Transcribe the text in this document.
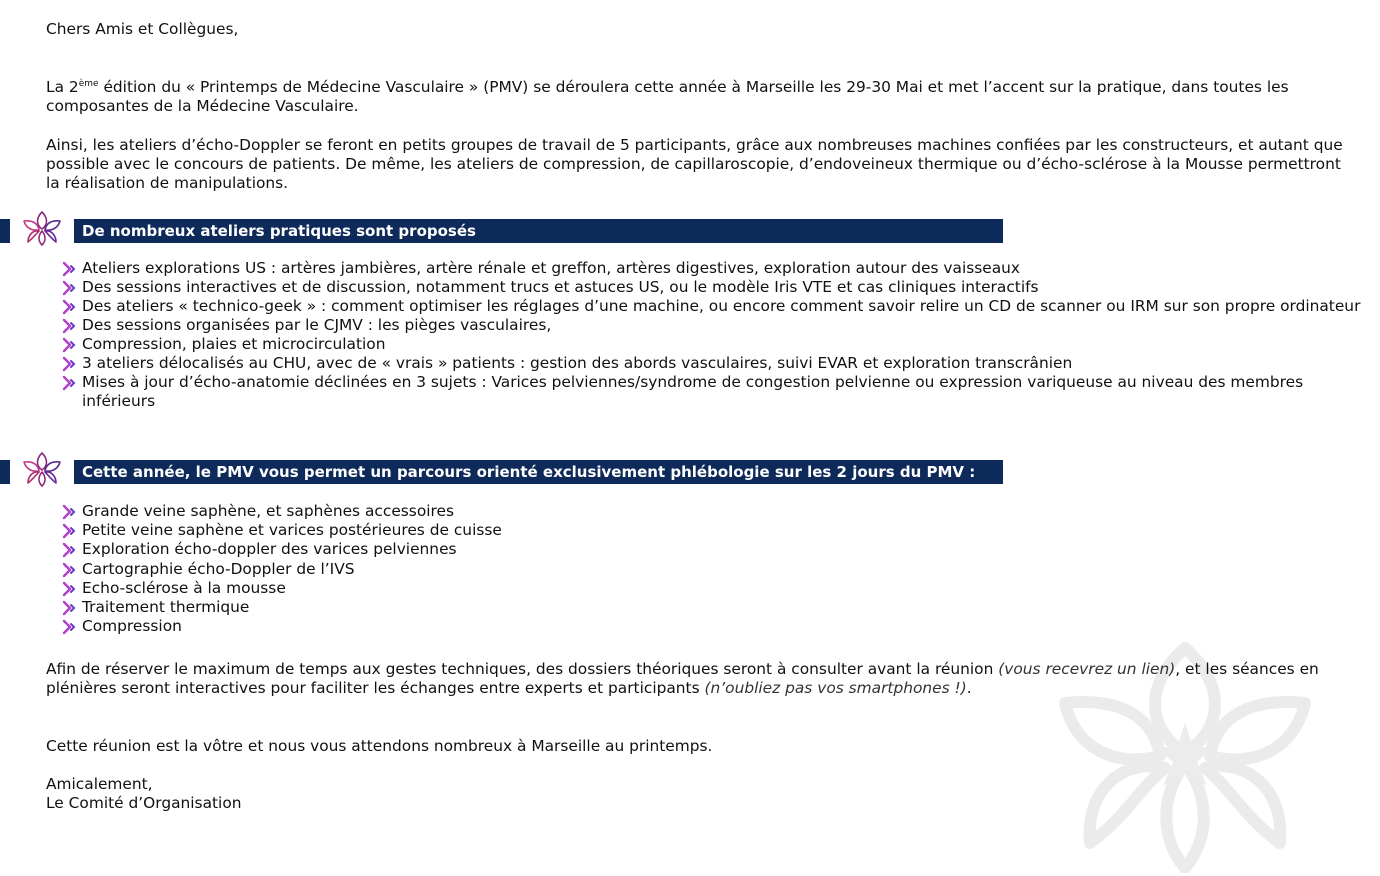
Chers Amis et Collègues,

La 2ème édition du « Printemps de Médecine Vasculaire » (PMV) se déroulera cette année à Marseille les 29-30 Mai et met l’accent sur la pratique, dans toutes les composantes de la Médecine Vasculaire.

Ainsi, les ateliers d’écho-Doppler se feront en petits groupes de travail de 5 participants, grâce aux nombreuses machines confiées par les constructeurs, et autant que possible avec le concours de patients. De même, les ateliers de compression, de capillaroscopie, d’endoveineux thermique ou d’écho-sclérose à la Mousse permettront la réalisation de manipulations.

De nombreux ateliers pratiques sont proposés
Ateliers explorations US : artères jambières, artère rénale et greffon, artères digestives, exploration autour des vaisseaux
Des sessions interactives et de discussion, notamment trucs et astuces US, ou le modèle Iris VTE et cas cliniques interactifs
Des ateliers « technico-geek » : comment optimiser les réglages d’une machine, ou encore comment savoir relire un CD de scanner ou IRM sur son propre ordinateur
Des sessions organisées par le CJMV : les pièges vasculaires,
Compression, plaies et microcirculation
3 ateliers délocalisés au CHU, avec de « vrais » patients : gestion des abords vasculaires, suivi EVAR et exploration transcrânien
Mises à jour d’écho-anatomie déclinées en 3 sujets : Varices pelviennes/syndrome de congestion pelvienne ou expression variqueuse au niveau des membres inférieurs
Cette année, le PMV vous permet un parcours orienté exclusivement phlébologie sur les 2 jours du PMV :
Grande veine saphène, et saphènes accessoires
Petite veine saphène et varices postérieures de cuisse
Exploration écho-doppler des varices pelviennes
Cartographie écho-Doppler de l’IVS
Echo-sclérose à la mousse
Traitement thermique
Compression

Afin de réserver le maximum de temps aux gestes techniques, des dossiers théoriques seront à consulter avant la réunion (vous recevrez un lien), et les séances en plénières seront interactives pour faciliter les échanges entre experts et participants (n’oubliez pas vos smartphones !).

Cette réunion est la vôtre et nous vous attendons nombreux à Marseille au printemps.

Amicalement,

Le Comité d’Organisation
